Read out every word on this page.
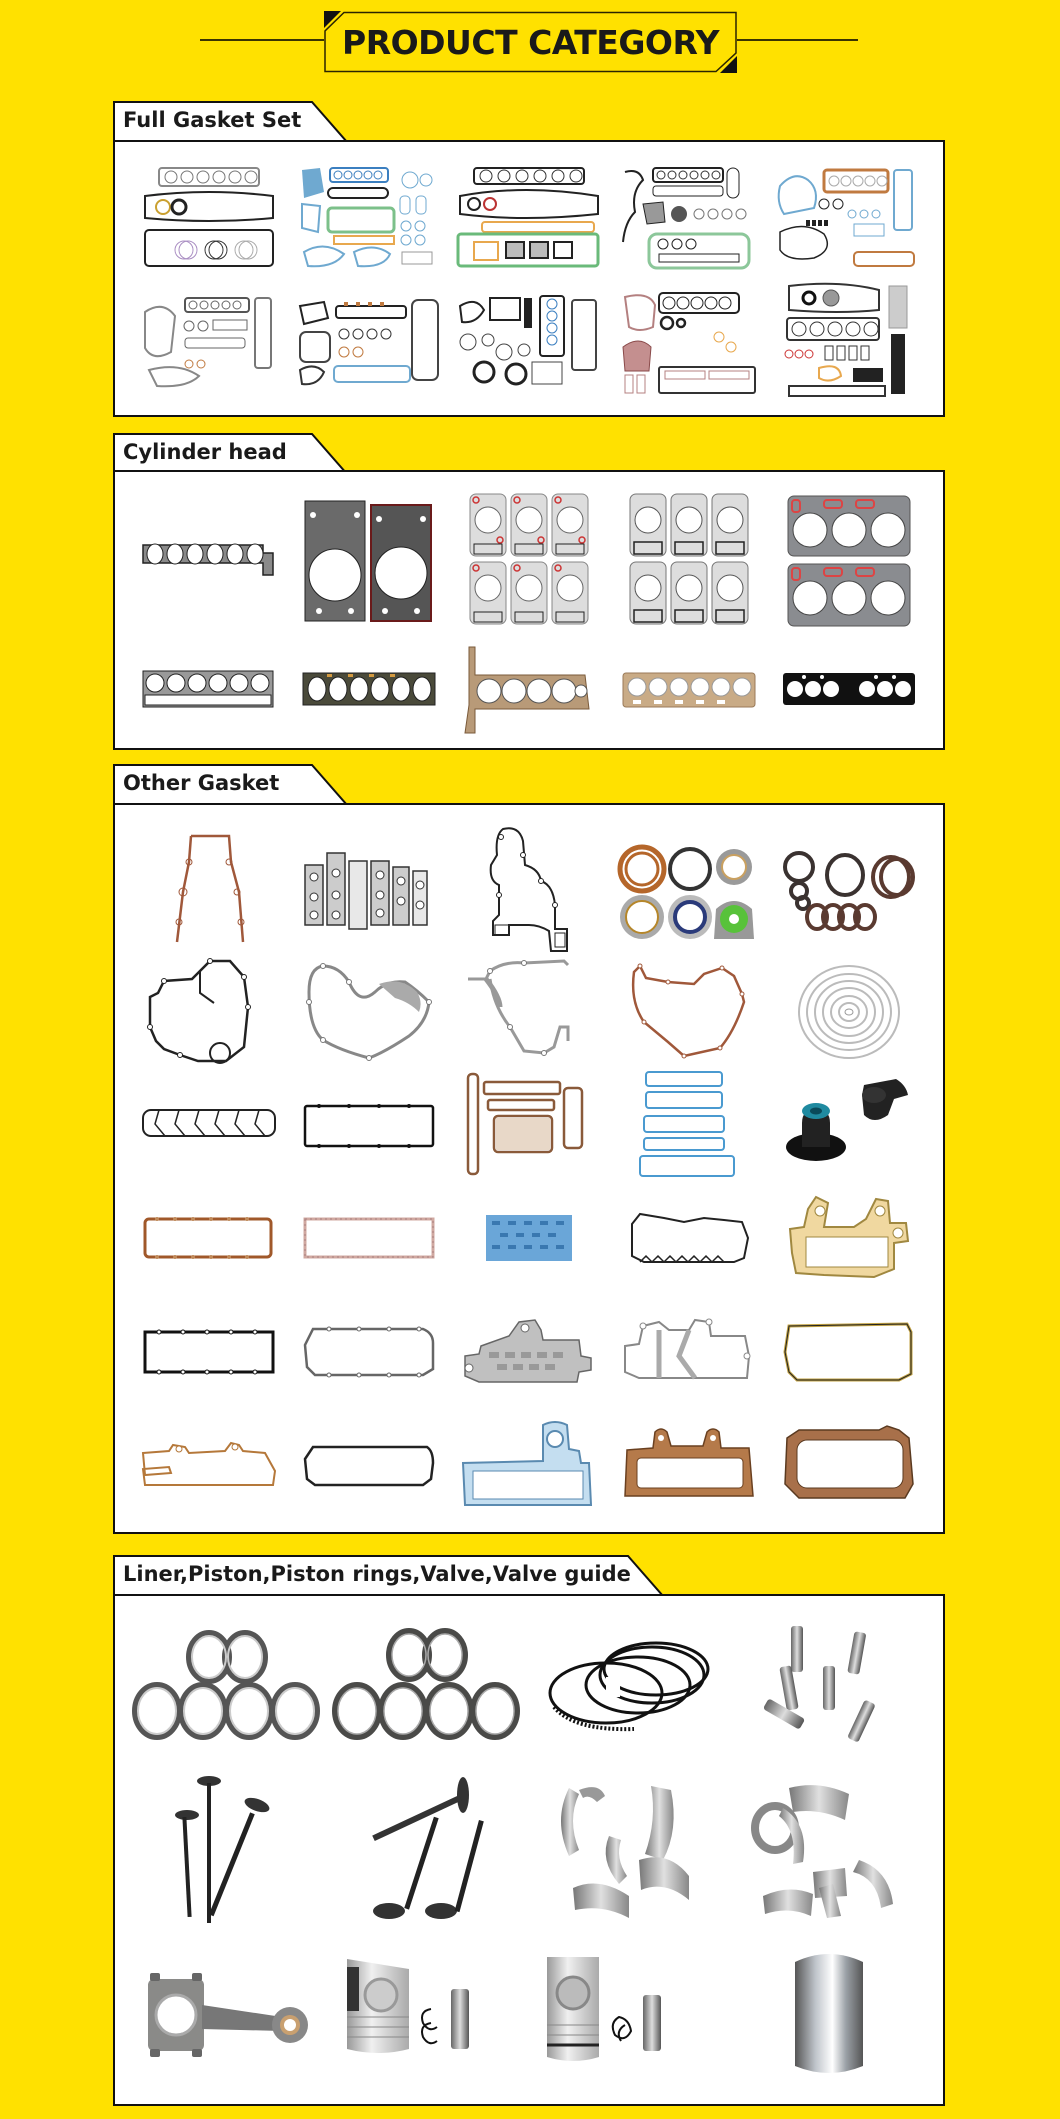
PRODUCT CATEGORY
Full Gasket Set
Cylinder head
Other Gasket
Liner,Piston,Piston rings,Valve,Valve guide
